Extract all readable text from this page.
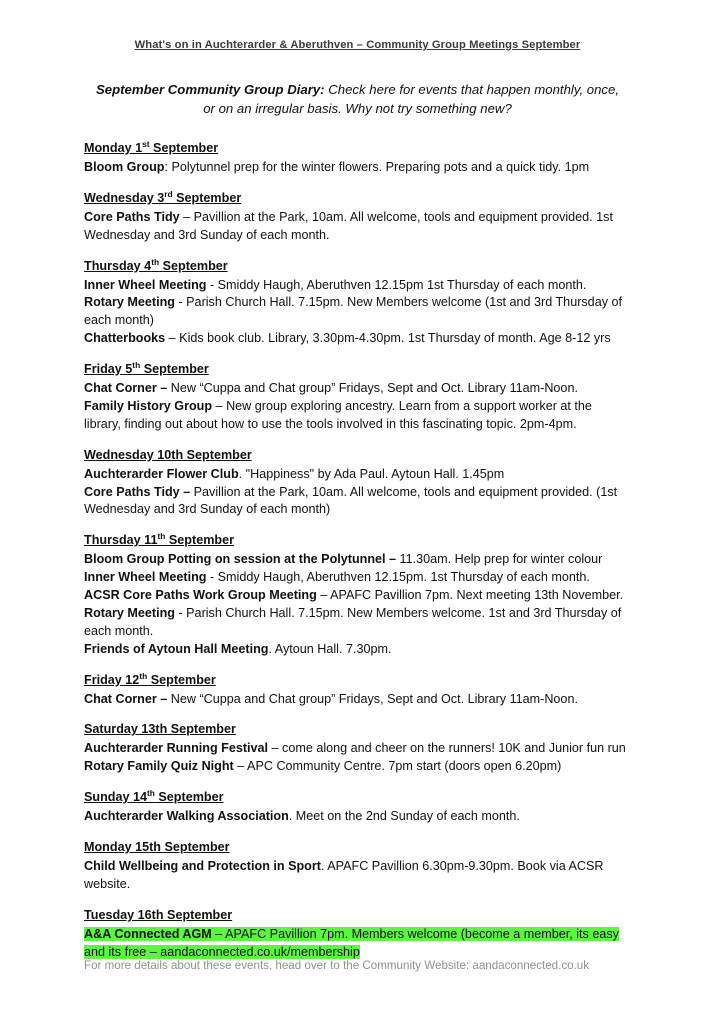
What's on in Auchterarder & Aberuthven – Community Group Meetings September

September Community Group Diary: Check here for events that happen monthly, once, or on an irregular basis. Why not try something new?

Monday 1st September

Bloom Group: Polytunnel prep for the winter flowers. Preparing pots and a quick tidy. 1pm

Wednesday 3rd September

Core Paths Tidy – Pavillion at the Park, 10am. All welcome, tools and equipment provided. 1st Wednesday and 3rd Sunday of each month.

Thursday 4th September

Inner Wheel Meeting - Smiddy Haugh, Aberuthven 12.15pm 1st Thursday of each month.

Rotary Meeting - Parish Church Hall. 7.15pm. New Members welcome (1st and 3rd Thursday of each month)

Chatterbooks – Kids book club. Library, 3.30pm-4.30pm. 1st Thursday of month. Age 8-12 yrs

Friday 5th September

Chat Corner – New “Cuppa and Chat group” Fridays, Sept and Oct. Library 11am-Noon.

Family History Group – New group exploring ancestry. Learn from a support worker at the library, finding out about how to use the tools involved in this fascinating topic. 2pm-4pm.

Wednesday 10th September

Auchterarder Flower Club. "Happiness" by Ada Paul. Aytoun Hall. 1.45pm

Core Paths Tidy – Pavillion at the Park, 10am. All welcome, tools and equipment provided. (1st Wednesday and 3rd Sunday of each month)

Thursday 11th September

Bloom Group Potting on session at the Polytunnel – 11.30am. Help prep for winter colour

Inner Wheel Meeting - Smiddy Haugh, Aberuthven 12.15pm. 1st Thursday of each month.

ACSR Core Paths Work Group Meeting – APAFC Pavillion 7pm. Next meeting 13th November.

Rotary Meeting - Parish Church Hall. 7.15pm. New Members welcome. 1st and 3rd Thursday of each month.

Friends of Aytoun Hall Meeting. Aytoun Hall. 7.30pm.

Friday 12th September

Chat Corner – New “Cuppa and Chat group” Fridays, Sept and Oct. Library 11am-Noon.

Saturday 13th September

Auchterarder Running Festival – come along and cheer on the runners! 10K and Junior fun run

Rotary Family Quiz Night – APC Community Centre. 7pm start (doors open 6.20pm)

Sunday 14th September

Auchterarder Walking Association. Meet on the 2nd Sunday of each month.

Monday 15th September

Child Wellbeing and Protection in Sport. APAFC Pavillion 6.30pm-9.30pm. Book via ACSR website.

Tuesday 16th September

A&A Connected AGM – APAFC Pavillion 7pm. Members welcome (become a member, its easy and its free – aandaconnected.co.uk/membership

For more details about these events, head over to the Community Website: aandaconnected.co.uk
